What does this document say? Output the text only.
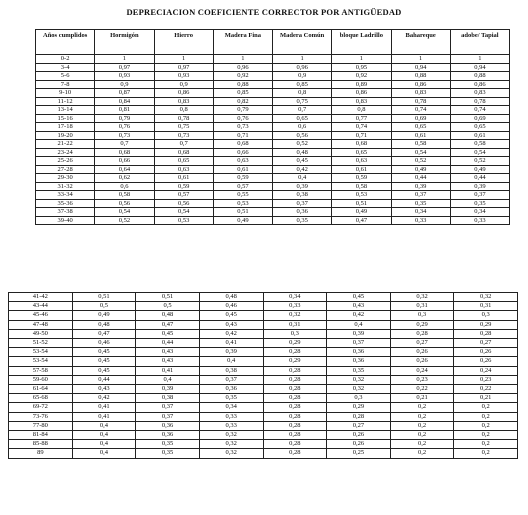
DEPRECIACION COEFICIENTE CORRECTOR POR ANTIGÜEDAD
Años cumplidos	Hormigón	Hierro	Madera Fina	Madera Común	bloque Ladrillo	Bahareque	adobe/ Tapial
0-2	1	1	1	1	1	1	1
3-4	0,97	0,97	0,96	0,96	0,95	0,94	0,94
5-6	0,93	0,93	0,92	0,9	0,92	0,88	0,88
7-8	0,9	0,9	0,88	0,85	0,89	0,86	0,86
9-10	0,87	0,86	0,85	0,8	0,86	0,83	0,83
11-12	0,84	0,83	0,82	0,75	0,83	0,78	0,78
13-14	0,81	0,8	0,79	0,7	0,8	0,74	0,74
15-16	0,79	0,78	0,76	0,65	0,77	0,69	0,69
17-18	0,76	0,75	0,73	0,6	0,74	0,65	0,65
19-20	0,73	0,73	0,71	0,56	0,71	0,61	0,61
21-22	0,7	0,7	0,68	0,52	0,68	0,58	0,58
23-24	0,68	0,68	0,66	0,48	0,65	0,54	0,54
25-26	0,66	0,65	0,63	0,45	0,63	0,52	0,52
27-28	0,64	0,63	0,61	0,42	0,61	0,49	0,49
29-30	0,62	0,61	0,59	0,4	0,59	0,44	0,44
31-32	0,6	0,59	0,57	0,39	0,58	0,39	0,39
33-34	0,58	0,57	0,55	0,38	0,53	0,37	0,37
35-36	0,56	0,56	0,53	0,37	0,51	0,35	0,35
37-38	0,54	0,54	0,51	0,36	0,49	0,34	0,34
39-40	0,52	0,53	0,49	0,35	0,47	0,33	0,33
41-42	0,51	0,51	0,48	0,34	0,45	0,32	0,32
43-44	0,5	0,5	0,46	0,33	0,43	0,31	0,31
45-46	0,49	0,48	0,45	0,32	0,42	0,3	0,3
47-48	0,48	0,47	0,43	0,31	0,4	0,29	0,29
49-50	0,47	0,45	0,42	0,3	0,39	0,28	0,28
51-52	0,46	0,44	0,41	0,29	0,37	0,27	0,27
53-54	0,45	0,43	0,39	0,28	0,36	0,26	0,26
53-54	0,45	0,43	0,4	0,29	0,36	0,26	0,26
57-58	0,45	0,41	0,38	0,28	0,35	0,24	0,24
59-60	0,44	0,4	0,37	0,28	0,32	0,23	0,23
61-64	0,43	0,39	0,36	0,28	0,32	0,22	0,22
65-68	0,42	0,38	0,35	0,28	0,3	0,21	0,21
69-72	0,41	0,37	0,34	0,28	0,29	0,2	0,2
73-76	0,41	0,37	0,33	0,28	0,28	0,2	0,2
77-80	0,4	0,36	0,33	0,28	0,27	0,2	0,2
81-84	0,4	0,36	0,32	0,28	0,26	0,2	0,2
85-88	0,4	0,35	0,32	0,28	0,26	0,2	0,2
89	0,4	0,35	0,32	0,28	0,25	0,2	0,2
